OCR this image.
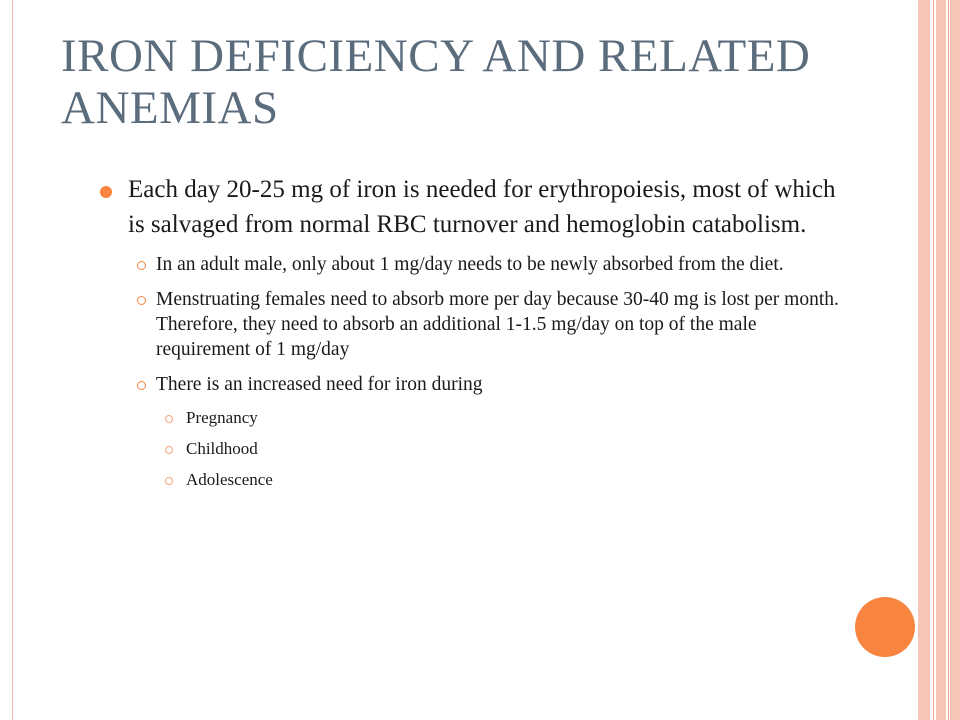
IRON DEFICIENCY AND RELATED ANEMIAS
Each day 20-25 mg of iron is needed for erythropoiesis, most of which is salvaged from normal RBC turnover and hemoglobin catabolism.
In an adult male, only about 1 mg/day needs to be newly absorbed from the diet.
Menstruating females need to absorb more per day because 30-40 mg is lost per month. Therefore, they need to absorb an additional 1-1.5 mg/day on top of the male requirement of 1 mg/day
There is an increased need for iron during
Pregnancy
Childhood
Adolescence
